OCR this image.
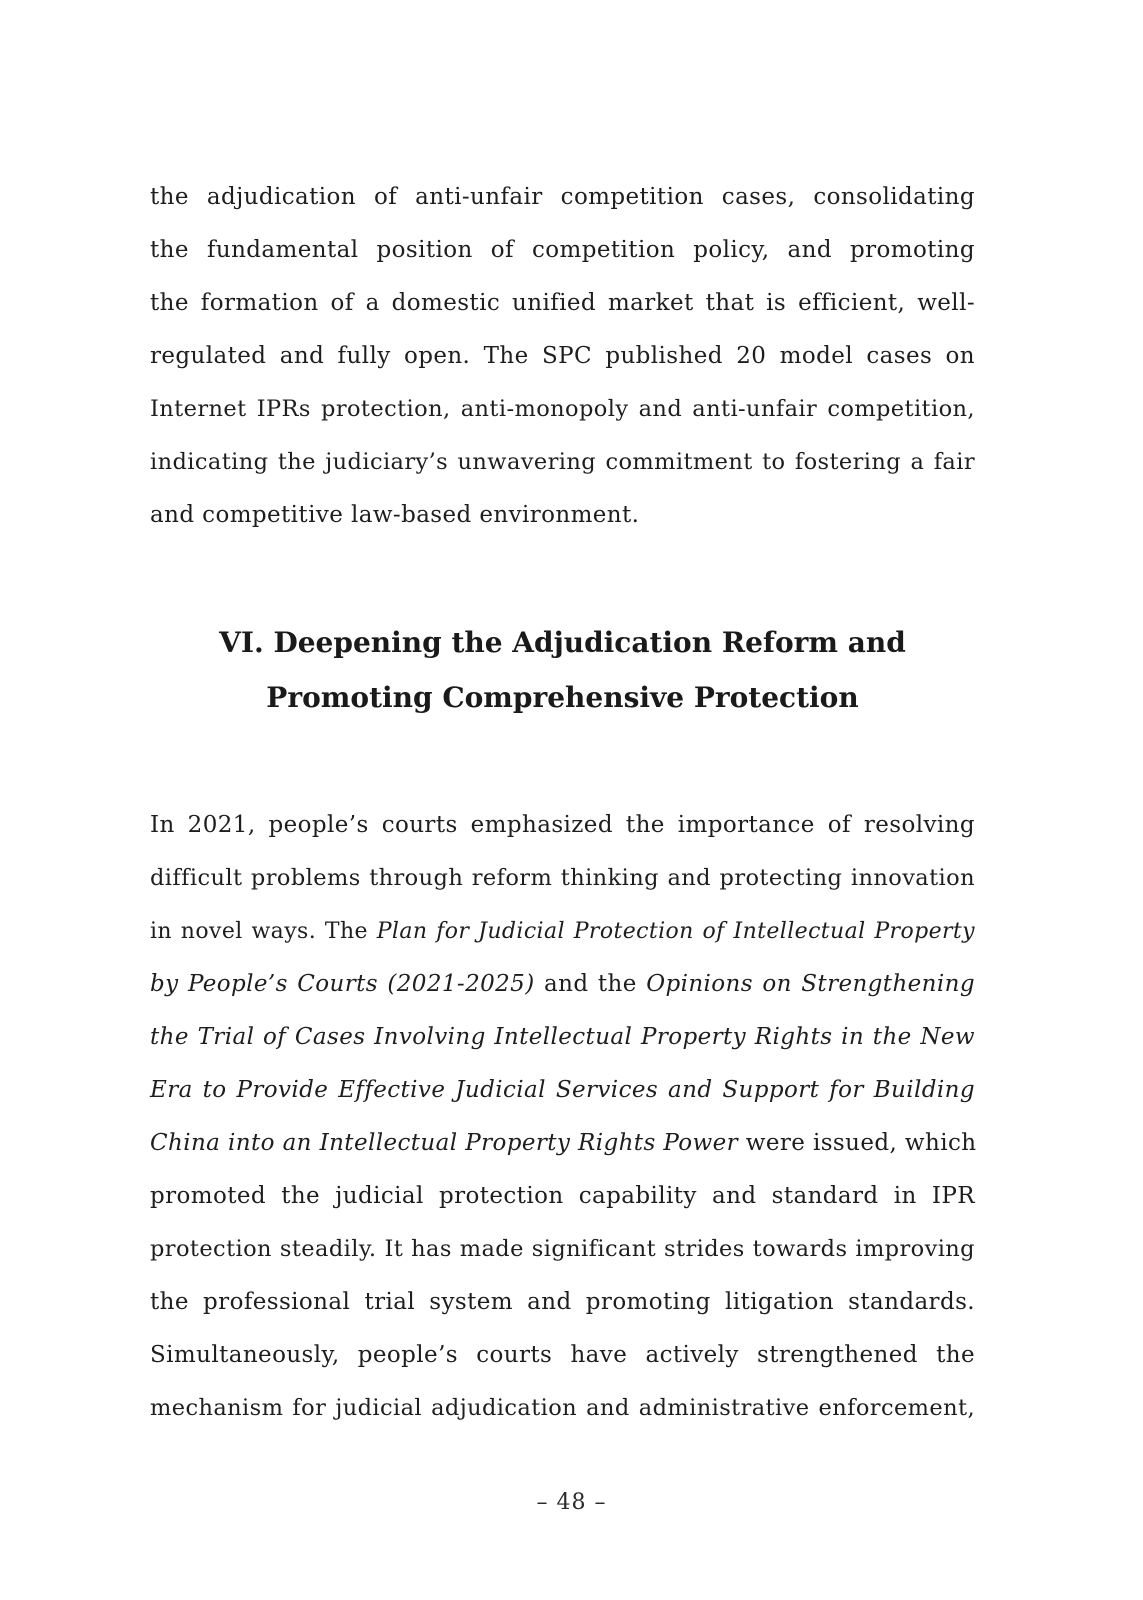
the adjudication of anti-unfair competition cases, consolidating
the fundamental position of competition policy, and promoting
the formation of a domestic unified market that is efficient, well-
regulated and fully open. The SPC published 20 model cases on
Internet IPRs protection, anti-monopoly and anti-unfair competition,
indicating the judiciary’s unwavering commitment to fostering a fair
and competitive law-based environment.
VI. Deepening the Adjudication Reform and
Promoting Comprehensive Protection
In 2021, people’s courts emphasized the importance of resolving
difficult problems through reform thinking and protecting innovation
in novel ways. The Plan for Judicial Protection of Intellectual Property
by People’s Courts (2021-2025) and the Opinions on Strengthening
the Trial of Cases Involving Intellectual Property Rights in the New
Era to Provide Effective Judicial Services and Support for Building
China into an Intellectual Property Rights Power were issued, which
promoted the judicial protection capability and standard in IPR
protection steadily. It has made significant strides towards improving
the professional trial system and promoting litigation standards.
Simultaneously, people’s courts have actively strengthened the
mechanism for judicial adjudication and administrative enforcement,
– 48 –
